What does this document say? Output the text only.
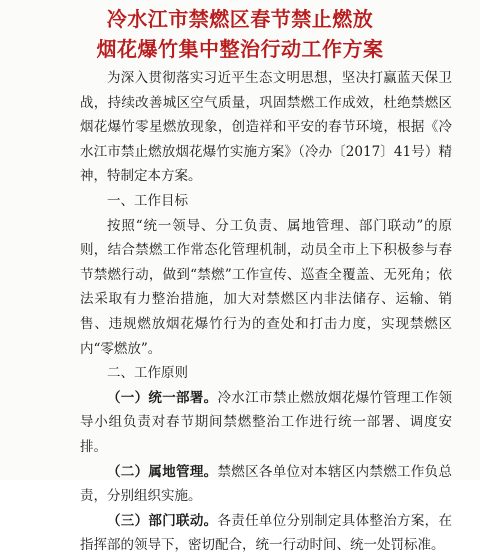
冷水江市禁燃区春节禁止燃放
烟花爆竹集中整治行动工作方案

为深入贯彻落实习近平生态文明思想，坚决打赢蓝天保卫战，持续改善城区空气质量，巩固禁燃工作成效，杜绝禁燃区烟花爆竹零星燃放现象，创造祥和平安的春节环境，根据《冷水江市禁止燃放烟花爆竹实施方案》（冷办〔2017〕41号）精神，特制定本方案。

一、工作目标

按照“统一领导、分工负责、属地管理、部门联动”的原则，结合禁燃工作常态化管理机制，动员全市上下积极参与春节禁燃行动，做到“禁燃”工作宣传、巡查全覆盖、无死角；依法采取有力整治措施，加大对禁燃区内非法储存、运输、销售、违规燃放烟花爆竹行为的查处和打击力度，实现禁燃区内“零燃放”。

二、工作原则

（一）统一部署。冷水江市禁止燃放烟花爆竹管理工作领导小组负责对春节期间禁燃整治工作进行统一部署、调度安排。

（二）属地管理。禁燃区各单位对本辖区内禁燃工作负总责，分别组织实施。

（三）部门联动。各责任单位分别制定具体整治方案，在指挥部的领导下，密切配合，统一行动时间、统一处罚标准。
